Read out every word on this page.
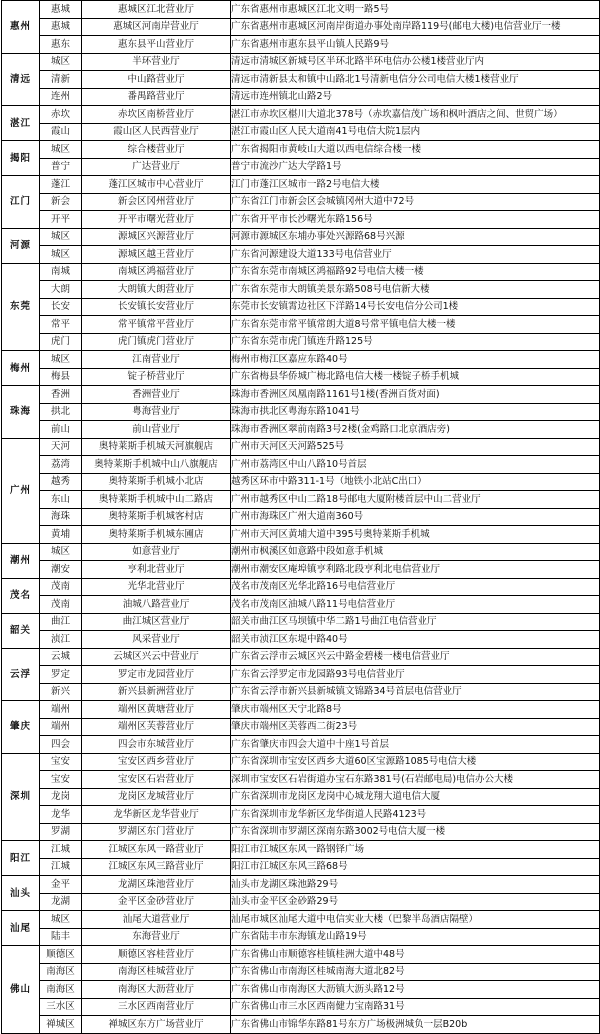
惠州	惠城	惠城区江北营业厅	广东省惠州市惠城区江北文明一路5号
	惠城	惠城区河南岸营业厅	广东省惠州市惠城区河南岸街道办事处南岸路119号(邮电大楼)电信营业厅一楼
	惠东	惠东县平山营业厅	广东省惠州市惠东县平山镇人民路9号
清远	城区	半环营业厅	清远市清城区新城号区半环北路半环电信办公楼1楼营业厅内
	清新	中山路营业厅	清远市清新县太和镇中山路北1号清新电信分公司电信大楼1楼营业厅
	连州	番禺路营业厅	清远市连州镇北山路2号
湛江	赤坎	赤坎区南桥营业厅	湛江市赤坎区椹川大道北378号（赤坎嘉信茂广场和枫叶酒店之间、世贸广场）
	霞山	霞山区人民西营业厅	湛江市霞山区人民大道南41号电信大院1层内
揭阳	城区	综合楼营业厅	广东省揭阳市黄岐山大道以西电信综合楼一楼
	普宁	广达营业厅	普宁市流沙广达大学路1号
江门	蓬江	蓬江区城市中心营业厅	江门市蓬江区城市一路2号电信大楼
	新会	新会区冈州营业厅	广东省江门市新会区会城镇冈州大道中72号
	开平	开平市曙光营业厅	广东省开平市长沙曙光东路156号
河源	城区	源城区兴源营业厅	河源市源城区东埔办事处兴源路68号兴源
	城区	源城区越王营业厅	广东省河源建设大道133号电信营业厅
东莞	南城	南城区鸿福营业厅	广东省东莞市南城区鸿福路92号电信大楼一楼
	大朗	大朗镇大朗营业厅	广东省东莞市大朗镇美景东路508号电信新大楼
	长安	长安镇长安营业厅	东莞市长安镇霄边社区下洋路14号长安电信分公司1楼
	常平	常平镇常平营业厅	广东省东莞市常平镇常朗大道8号常平镇电信大楼一楼
	虎门	虎门镇虎门营业厅	广东省东莞市虎门镇连升路125号
梅州	城区	江南营业厅	梅州市梅江区嘉应东路40号
	梅县	锭子桥营业厅	广东省梅县华侨城广梅北路电信大楼一楼锭子桥手机城
珠海	香洲	香洲营业厅	珠海市香洲区凤凰南路1161号1楼(香洲百货对面)
	拱北	粤海营业厅	珠海市拱北区粤海东路1041号
	前山	前山营业厅	珠海市香洲区翠前南路3号2楼(金鸡路口北京酒店旁)
广州	天河	奥特莱斯手机城天河旗舰店	广州市天河区天河路525号
	荔湾	奥特莱斯手机城中山八旗舰店	广州市荔湾区中山八路10号首层
	越秀	奥特莱斯手机城小北店	越秀区环市中路311-1号（地铁小北站C出口）
	东山	奥特莱斯手机城中山二路店	广州市越秀区中山二路18号邮电大厦附楼首层中山二营业厅
	海珠	奥特莱斯手机城客村店	广州市海珠区广州大道南360号
	黄埔	奥特莱斯手机城东圃店	广州市天河区黄埔大道中395号奥特莱斯手机城
潮州	城区	如意营业厅	潮州市枫溪区如意路中段如意手机城
	潮安	亨利北营业厅	潮州市潮安区庵埠镇亨利路北段亨利北电信营业厅
茂名	茂南	光华北营业厅	茂名市茂南区光华北路16号电信营业厅
	茂南	油城八路营业厅	茂名市茂南区油城八路11号电信营业厅
韶关	曲江	曲江城区营业厅	韶关市曲江区马坝镇中华二路1号曲江电信营业厅
	浈江	风采营业厅	韶关市浈江区东堤中路40号
云浮	云城	云城区兴云中营业厅	广东省云浮市云城区兴云中路金碧楼一楼电信营业厅
	罗定	罗定市龙园营业厅	广东省云浮罗定市龙园路93号电信营业厅
	新兴	新兴县新洲营业厅	广东省云浮市新兴县新城镇文锦路34号首层电信营业厅
肇庆	端州	端州区黄塘营业厅	肇庆市端州区天宁北路8号
	端州	端州区芙蓉营业厅	肇庆市端州区芙蓉西二街23号
	四会	四会市东城营业厅	广东省肇庆市四会大道中十座1号首层
深圳	宝安	宝安区西乡营业厅	广东省深圳市宝安区西乡大道60区宝源路1085号电信大楼
	宝安	宝安区石岩营业厅	深圳市宝安区石岩街道办宝石东路381号(石岩邮电局)电信办公大楼
	龙岗	龙岗区龙城营业厅	广东省深圳市龙岗区龙岗中心城龙翔大道电信大厦
	龙华	龙华新区龙华营业厅	广东省深圳市龙华新区龙华街道人民路4123号
	罗湖	罗湖区东门营业厅	广东省深圳市罗湖区深南东路3002号电信大厦一楼
阳江	江城	江城区东风一路营业厅	阳江市江城区东风一路钢铎广场
	江城	江城区东风三路营业厅	阳江市江城区东风三路68号
汕头	金平	龙湖区珠池营业厅	汕头市龙湖区珠池路29号
	龙湖	金平区金砂营业厅	汕头市金平区金砂路29号
汕尾	城区	汕尾大道营业厅	汕尾市城区汕尾大道中电信实业大楼（巴黎半岛酒店隔壁）
	陆丰	东海营业厅	广东省陆丰市东海镇龙山路19号
佛山	顺德区	顺德区容桂营业厅	广东省佛山市顺德容桂镇桂洲大道中48号
	南海区	南海区桂城营业厅	广东省佛山市南海区桂城南海大道北82号
	南海区	南海区大沥营业厅	广东省佛山市南海区大沥镇大沥头路12号
	三水区	三水区西南营业厅	广东省佛山市三水区西南健力宝南路31号
	禅城区	禅城区东方广场营业厅	广东省佛山市锦华东路81号东方广场极洲城负一层B20b
